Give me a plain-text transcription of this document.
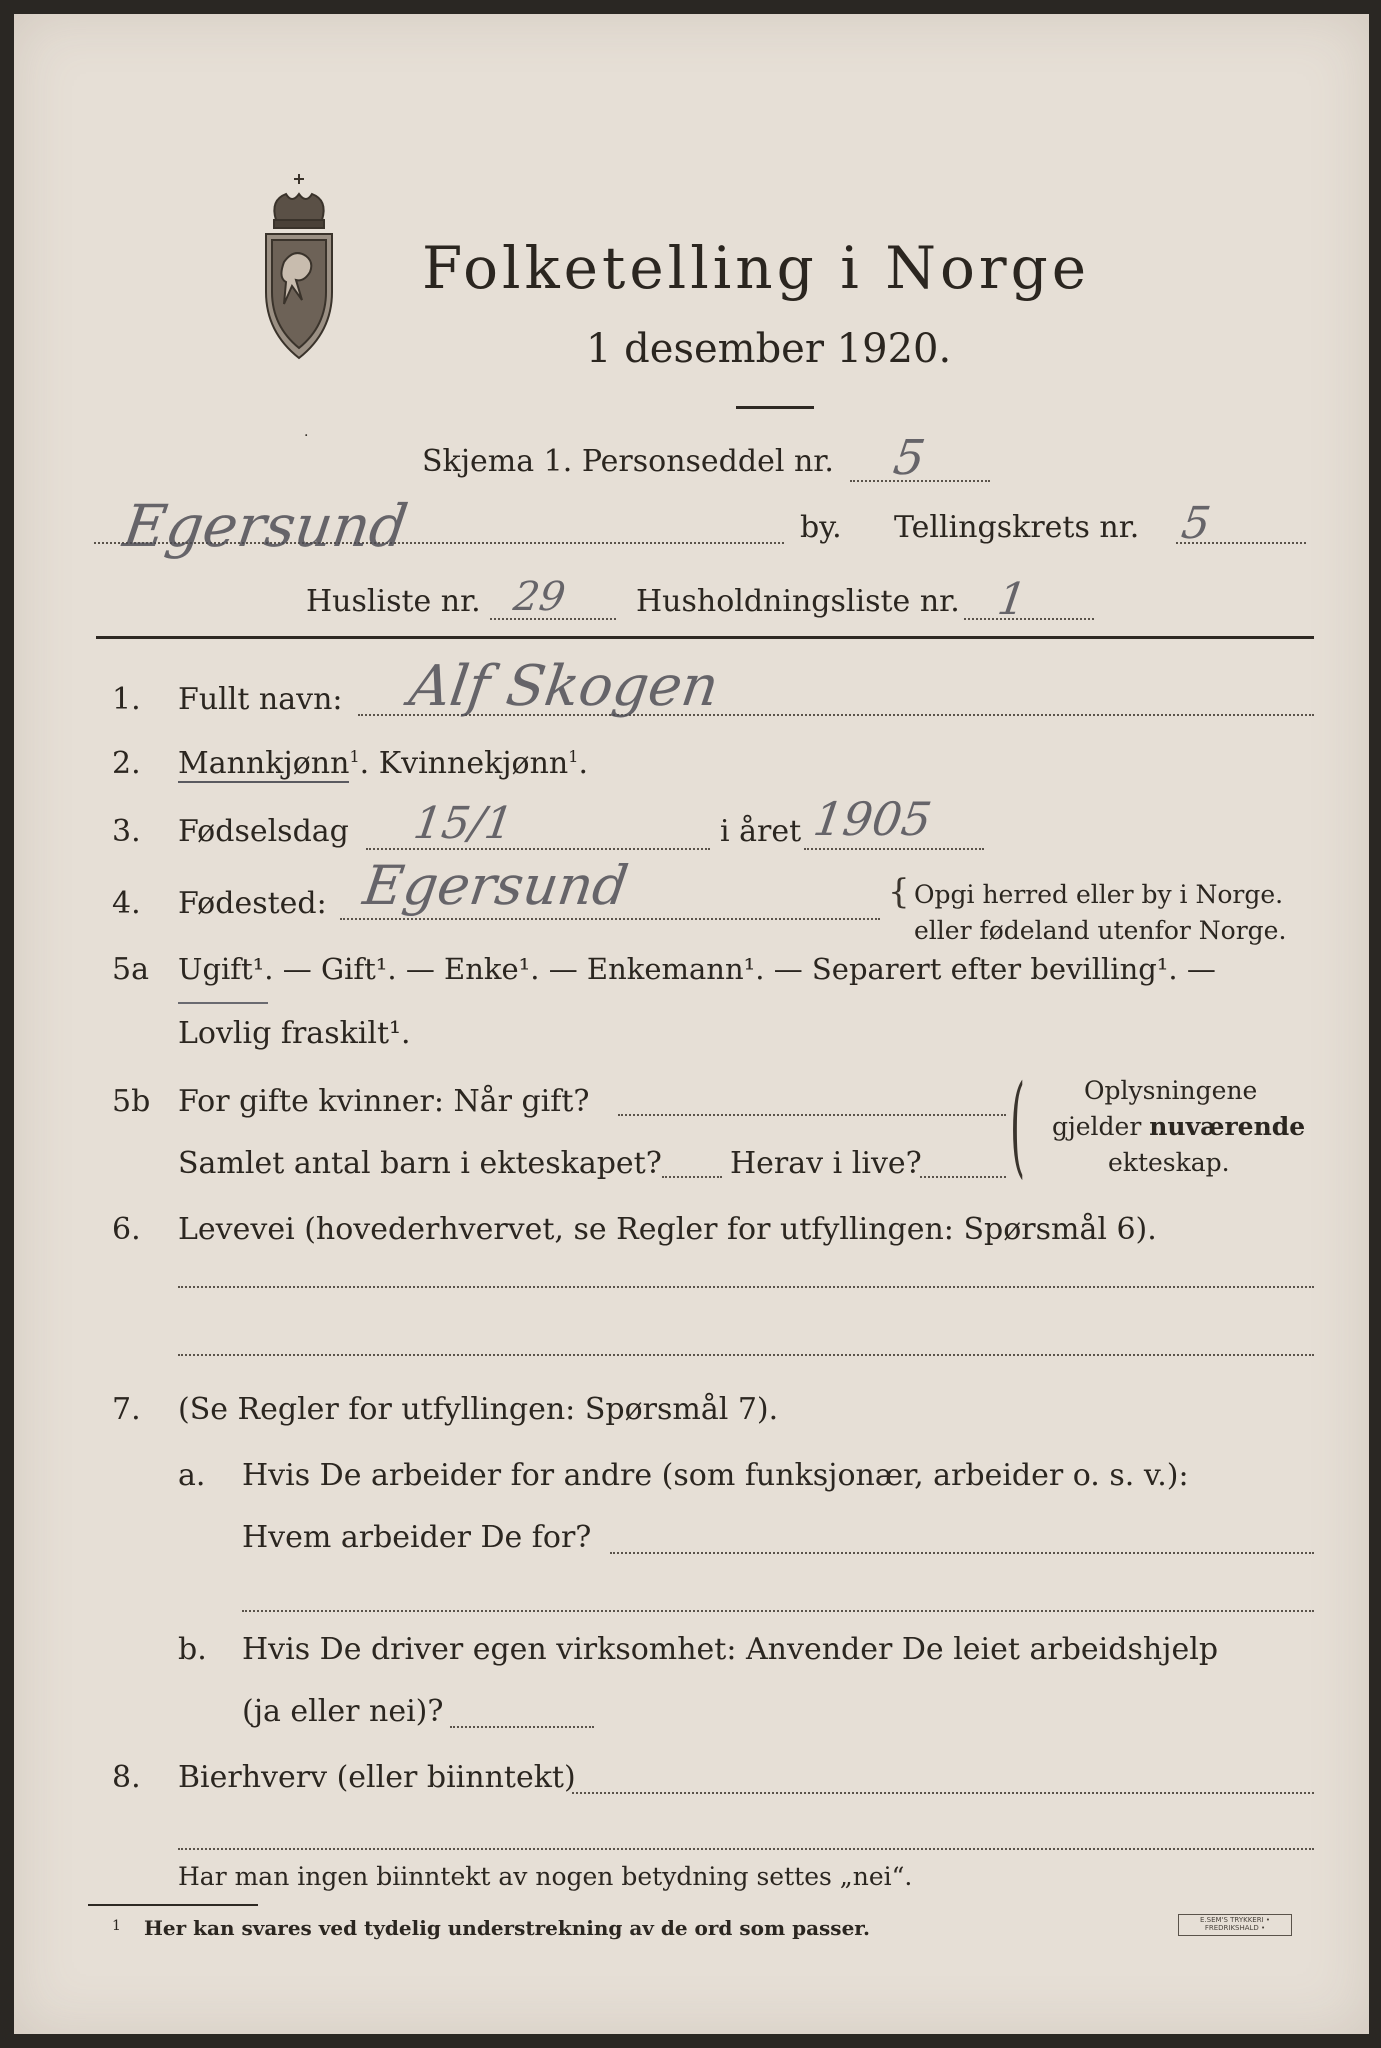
Folketelling i Norge
1 desember 1920.
·
Skjema 1. Personseddel nr. 5
Egersund	by. Tellingskrets nr. 5
Husliste nr. 29 Husholdningsliste nr. 1
1. Fullt navn: Alf Skogen
2. Mannkjønn$^1$. Kvinnekjønn$^1$.
3. Fødselsdag 15/1	i året 1905
4. Fødested: Egersund	{ Opgi herred eller by i Norge.
eller fødeland utenfor Norge.
5a Ugift¹. — Gift¹. — Enke¹. — Enkemann¹. — Separert efter bevilling¹. —
Lovlig fraskilt¹.
5b For gifte kvinner: Når gift?
Samlet antal barn i ekteskapet? Herav i live? ( Oplysningene
gjelder nuværende
ekteskap.
6. Levevei (hovederhvervet, se Regler for utfyllingen: Spørsmål 6).
7. (Se Regler for utfyllingen: Spørsmål 7).
a. Hvis De arbeider for andre (som funksjonær, arbeider o. s. v.):
Hvem arbeider De for?
b. Hvis De driver egen virksomhet: Anvender De leiet arbeidshjelp
(ja eller nei)?
8. Bierhverv (eller biinntekt)
Har man ingen biinntekt av nogen betydning settes „nei“.
1 Her kan svares ved tydelig understrekning av de ord som passer.	E.SEM'S TRYKKERI • FREDRIKSHALD •
